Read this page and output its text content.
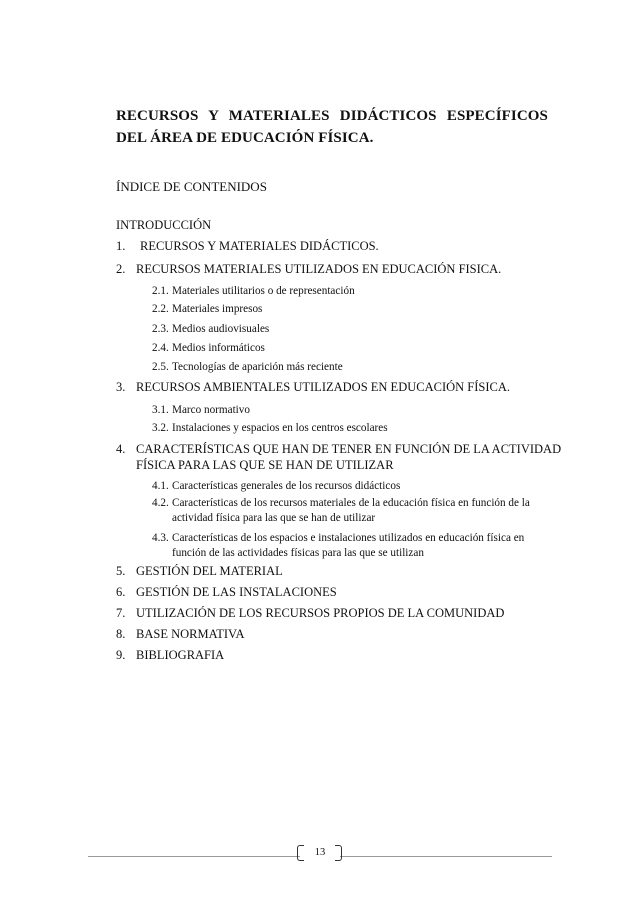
RECURSOS Y MATERIALES DIDÁCTICOS ESPECÍFICOS DEL ÁREA DE EDUCACIÓN FÍSICA.
ÍNDICE DE CONTENIDOS
INTRODUCCIÓN
1. RECURSOS Y MATERIALES DIDÁCTICOS.
2. RECURSOS MATERIALES UTILIZADOS EN EDUCACIÓN FISICA.
2.1. Materiales utilitarios o de representación
2.2. Materiales impresos
2.3. Medios audiovisuales
2.4. Medios informáticos
2.5. Tecnologías de aparición más reciente
3. RECURSOS AMBIENTALES UTILIZADOS EN EDUCACIÓN FÍSICA.
3.1. Marco normativo
3.2. Instalaciones y espacios en los centros escolares
4. CARACTERÍSTICAS QUE HAN DE TENER EN FUNCIÓN DE LA ACTIVIDAD
FÍSICA PARA LAS QUE SE HAN DE UTILIZAR
4.1. Características generales de los recursos didácticos
4.2. Características de los recursos materiales de la educación física en función de la
actividad física para las que se han de utilizar
4.3. Características de los espacios e instalaciones utilizados en educación física en
función de las actividades físicas para las que se utilizan
5. GESTIÓN DEL MATERIAL
6. GESTIÓN DE LAS INSTALACIONES
7. UTILIZACIÓN DE LOS RECURSOS PROPIOS DE LA COMUNIDAD
8. BASE NORMATIVA
9. BIBLIOGRAFIA
13
